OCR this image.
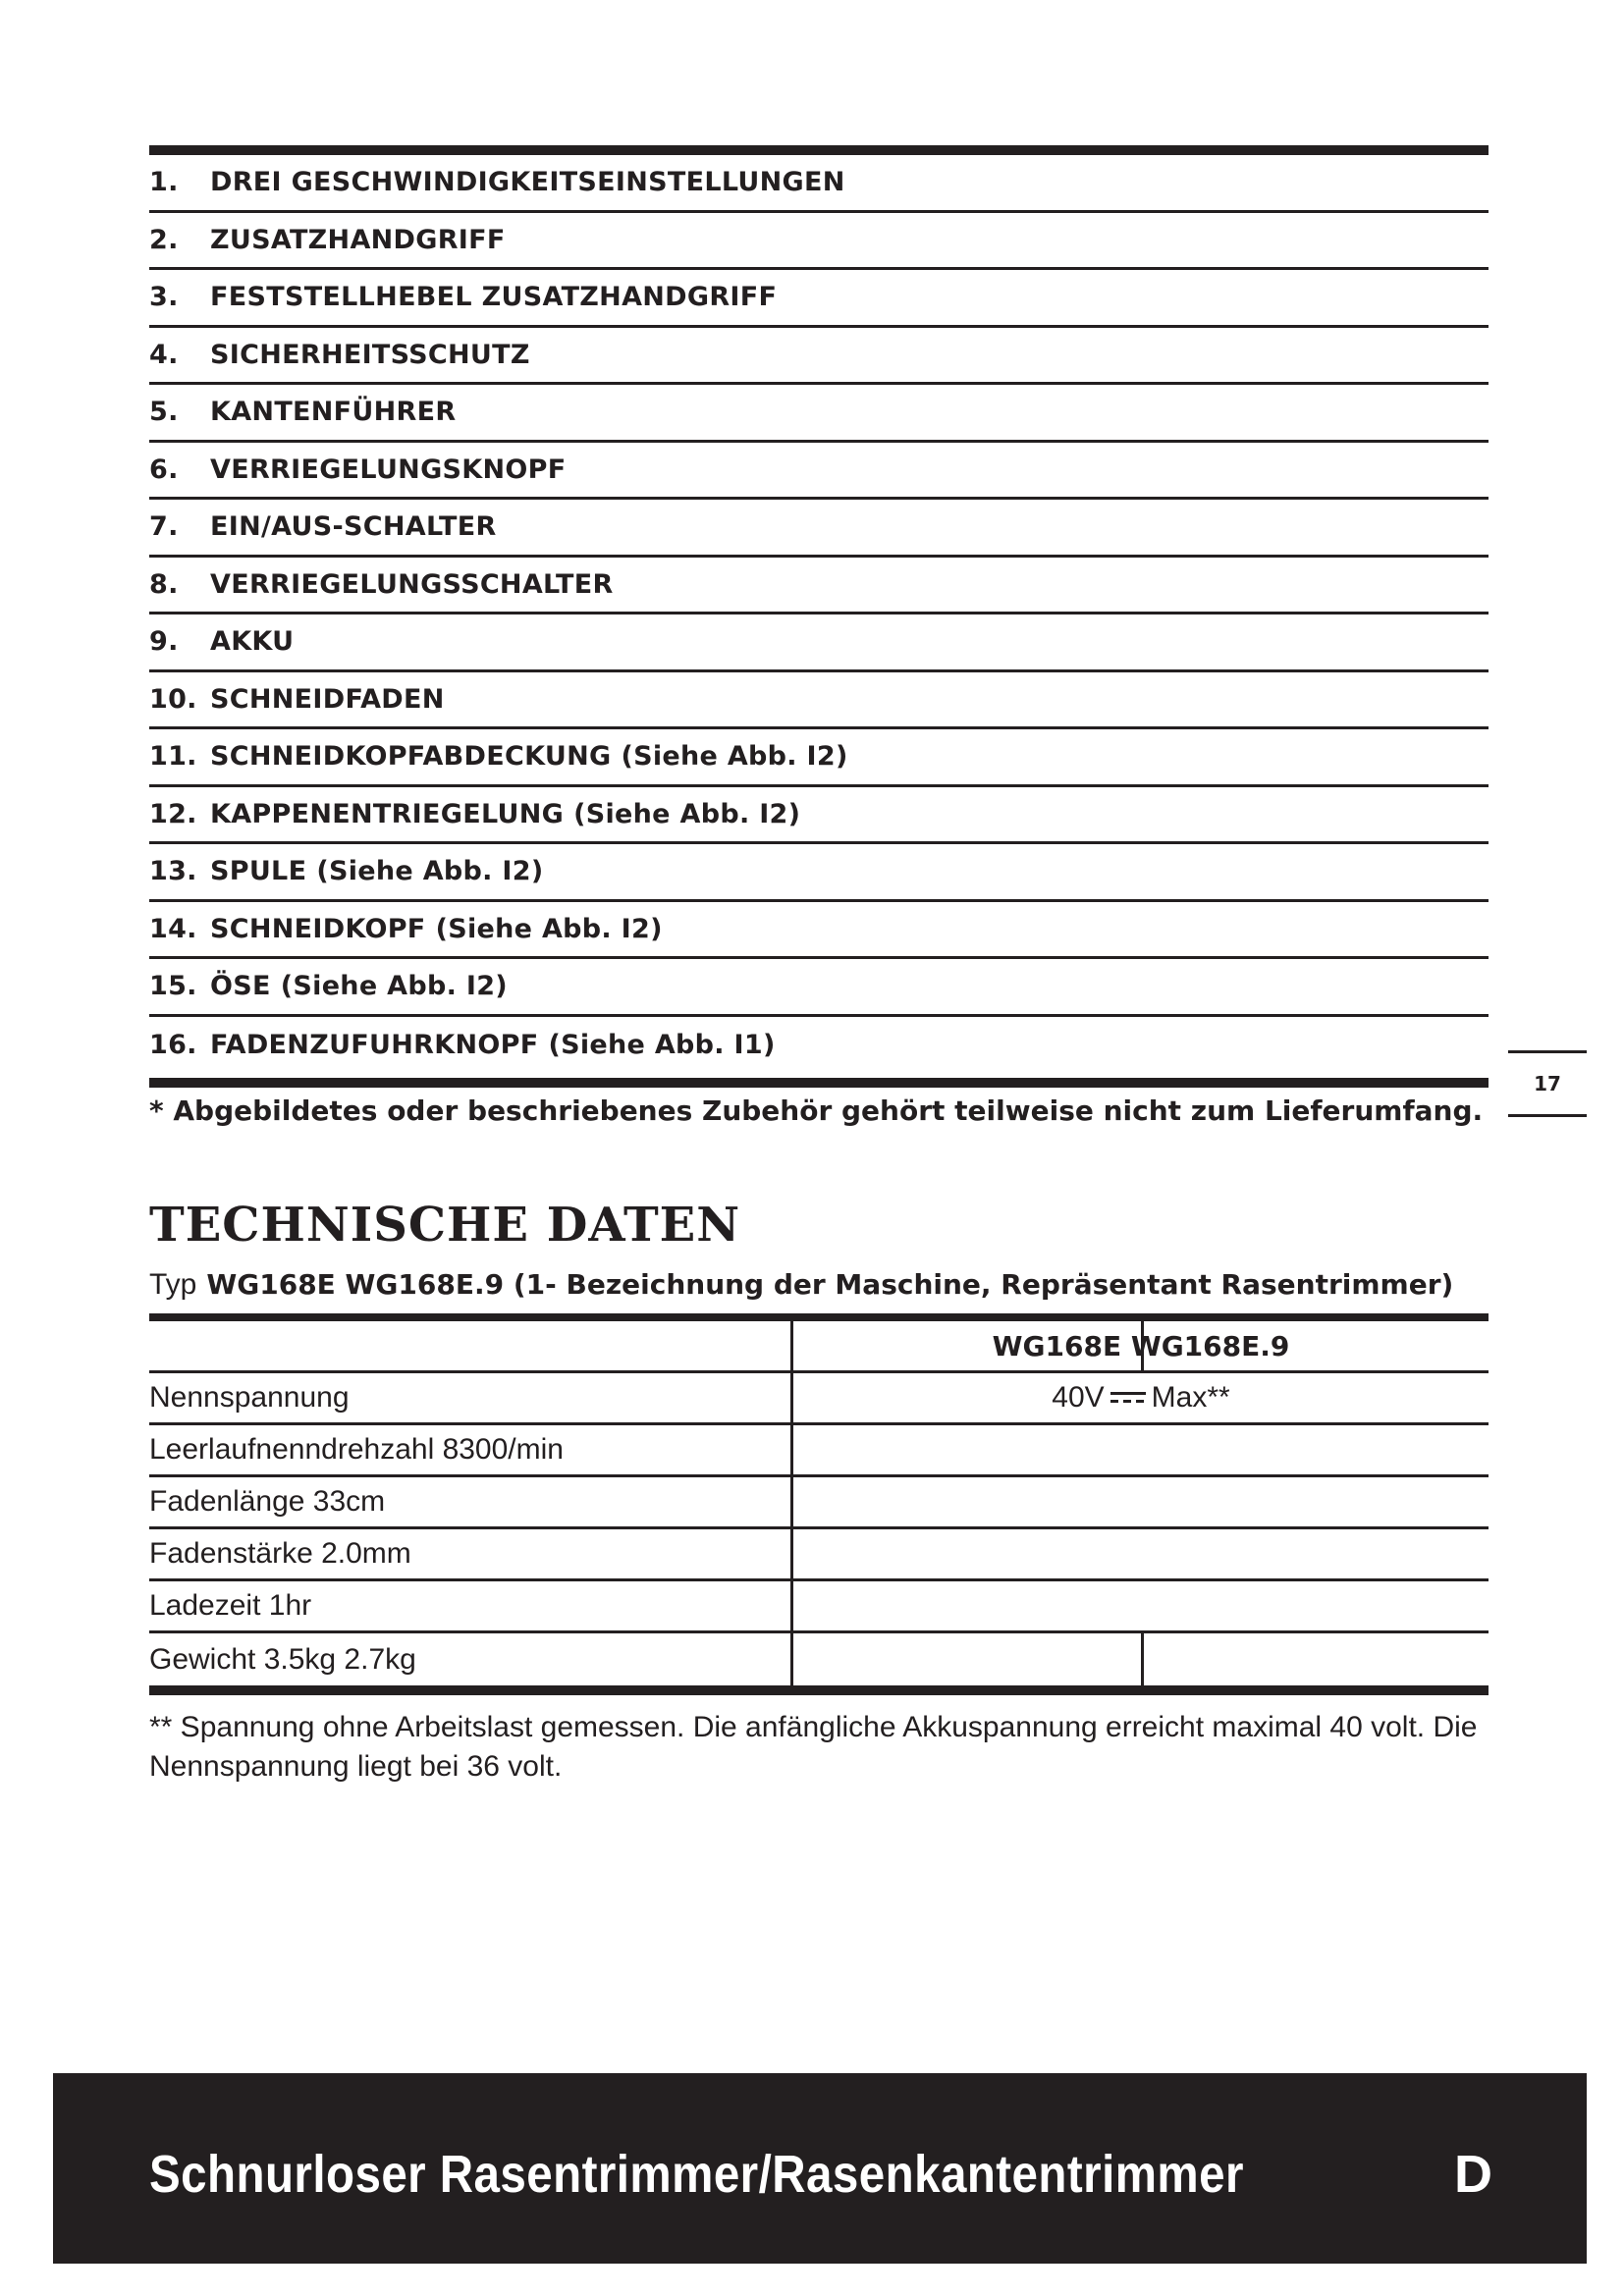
1.	DREI GESCHWINDIGKEITSEINSTELLUNGEN
2.	ZUSATZHANDGRIFF
3.	FESTSTELLHEBEL ZUSATZHANDGRIFF
4.	SICHERHEITSSCHUTZ
5.	KANTENFÜHRER
6.	VERRIEGELUNGSKNOPF
7.	EIN/AUS-SCHALTER
8.	VERRIEGELUNGSSCHALTER
9.	AKKU
10. SCHNEIDFADEN
11. SCHNEIDKOPFABDECKUNG (Siehe Abb. I2)
12. KAPPENENTRIEGELUNG (Siehe Abb. I2)
13. SPULE (Siehe Abb. I2)
14. SCHNEIDKOPF (Siehe Abb. I2)
15. ÖSE (Siehe Abb. I2)
16. FADENZUFUHRKNOPF (Siehe Abb. I1)
* Abgebildetes oder beschriebenes Zubehör gehört teilweise nicht zum Lieferumfang.
17
TECHNISCHE DATEN
Typ WG168E WG168E.9 (1- Bezeichnung der Maschine, Repräsentant Rasentrimmer)
WG168E WG168E.9
Nennspannung	40V Max**
Leerlaufnenndrehzahl 8300/min
Fadenlänge 33cm
Fadenstärke 2.0mm
Ladezeit 1hr
Gewicht 3.5kg 2.7kg
** Spannung ohne Arbeitslast gemessen. Die anfängliche Akkuspannung erreicht maximal 40 volt. Die Nennspannung liegt bei 36 volt.
Schnurloser Rasentrimmer/Rasenkantentrimmer	D
